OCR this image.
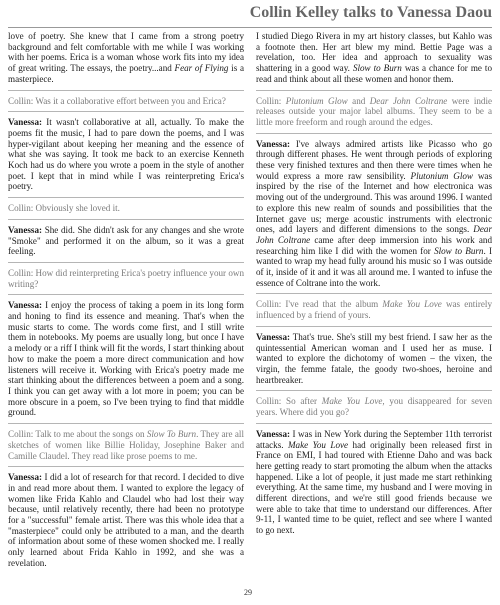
Collin Kelley talks to Vanessa Daou

love of poetry. She knew that I came from a strong poetry background and felt comfortable with me while I was working with her poems. Erica is a woman whose work fits into my idea of great writing. The essays, the poetry...and Fear of Flying is a masterpiece.

Collin: Was it a collaborative effort between you and Erica?

Vanessa: It wasn't collaborative at all, actually. To make the poems fit the music, I had to pare down the poems, and I was hyper-vigilant about keeping her meaning and the essence of what she was saying. It took me back to an exercise Kenneth Koch had us do where you wrote a poem in the style of another poet. I kept that in mind while I was reinterpreting Erica's poetry.

Collin: Obviously she loved it.

Vanessa: She did. She didn't ask for any changes and she wrote "Smoke" and performed it on the album, so it was a great feeling.

Collin: How did reinterpreting Erica's poetry influence your own writing?

Vanessa: I enjoy the process of taking a poem in its long form and honing to find its essence and meaning. That's when the music starts to come. The words come first, and I still write them in notebooks. My poems are usually long, but once I have a melody or a riff I think will fit the words, I start thinking about how to make the poem a more direct communication and how listeners will receive it. Working with Erica's poetry made me start thinking about the differences between a poem and a song. I think you can get away with a lot more in poem; you can be more obscure in a poem, so I've been trying to find that middle ground.

Collin: Talk to me about the songs on Slow To Burn. They are all sketches of women like Billie Holiday, Josephine Baker and Camille Claudel. They read like prose poems to me.

Vanessa: I did a lot of research for that record. I decided to dive in and read more about them. I wanted to explore the legacy of women like Frida Kahlo and Claudel who had lost their way because, until relatively recently, there had been no prototype for a "successful" female artist. There was this whole idea that a "masterpiece" could only be attributed to a man, and the dearth of information about some of these women shocked me. I really only learned about Frida Kahlo in 1992, and she was a revelation.

I studied Diego Rivera in my art history classes, but Kahlo was a footnote then. Her art blew my mind. Bettie Page was a revelation, too. Her idea and approach to sexuality was shattering in a good way. Slow to Burn was a chance for me to read and think about all these women and honor them.

Collin: Plutonium Glow and Dear John Coltrane were indie releases outside your major label albums. They seem to be a little more freeform and rough around the edges.

Vanessa: I've always admired artists like Picasso who go through different phases. He went through periods of exploring these very finished textures and then there were times when he would express a more raw sensibility. Plutonium Glow was inspired by the rise of the Internet and how electronica was moving out of the underground. This was around 1996. I wanted to explore this new realm of sounds and possibilities that the Internet gave us; merge acoustic instruments with electronic ones, add layers and different dimensions to the songs. Dear John Coltrane came after deep immersion into his work and researching him like I did with the women for Slow to Burn. I wanted to wrap my head fully around his music so I was outside of it, inside of it and it was all around me. I wanted to infuse the essence of Coltrane into the work.

Collin: I've read that the album Make You Love was entirely influenced by a friend of yours.

Vanessa: That's true. She's still my best friend. I saw her as the quintessential American woman and I used her as muse. I wanted to explore the dichotomy of women – the vixen, the virgin, the femme fatale, the goody two-shoes, heroine and heartbreaker.

Collin: So after Make You Love, you disappeared for seven years. Where did you go?

Vanessa: I was in New York during the September 11th terrorist attacks. Make You Love had originally been released first in France on EMI, I had toured with Etienne Daho and was back here getting ready to start promoting the album when the attacks happened. Like a lot of people, it just made me start rethinking everything. At the same time, my husband and I were moving in different directions, and we're still good friends because we were able to take that time to understand our differences. After 9-11, I wanted time to be quiet, reflect and see where I wanted to go next.

29
